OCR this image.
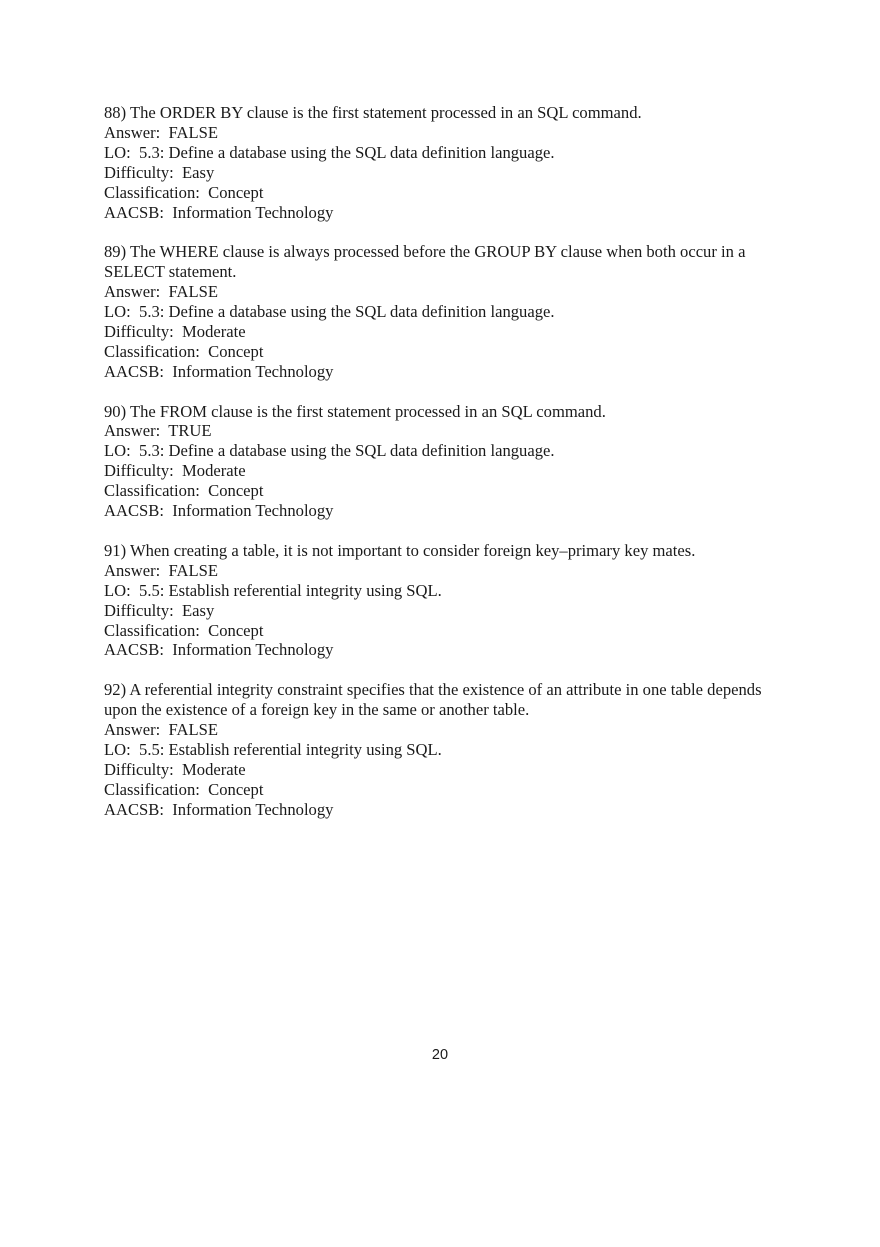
88) The ORDER BY clause is the first statement processed in an SQL command.
Answer:  FALSE
LO:  5.3: Define a database using the SQL data definition language.
Difficulty:  Easy
Classification:  Concept
AACSB:  Information Technology
89) The WHERE clause is always processed before the GROUP BY clause when both occur in a SELECT statement.
Answer:  FALSE
LO:  5.3: Define a database using the SQL data definition language.
Difficulty:  Moderate
Classification:  Concept
AACSB:  Information Technology
90) The FROM clause is the first statement processed in an SQL command.
Answer:  TRUE
LO:  5.3: Define a database using the SQL data definition language.
Difficulty:  Moderate
Classification:  Concept
AACSB:  Information Technology
91) When creating a table, it is not important to consider foreign key–primary key mates.
Answer:  FALSE
LO:  5.5: Establish referential integrity using SQL.
Difficulty:  Easy
Classification:  Concept
AACSB:  Information Technology
92) A referential integrity constraint specifies that the existence of an attribute in one table depends upon the existence of a foreign key in the same or another table.
Answer:  FALSE
LO:  5.5: Establish referential integrity using SQL.
Difficulty:  Moderate
Classification:  Concept
AACSB:  Information Technology
20
